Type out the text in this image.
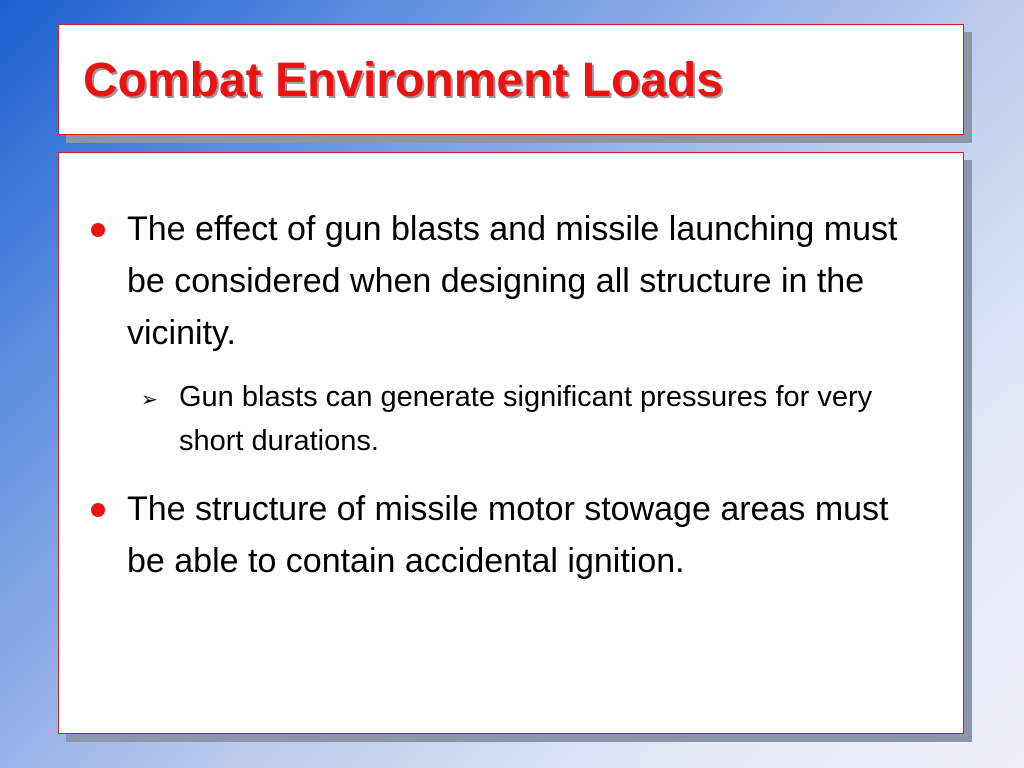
Combat Environment Loads
The effect of gun blasts and missile launching must be considered when designing all structure in the vicinity.
➢ Gun blasts can generate significant pressures for very short durations.
The structure of missile motor stowage areas must be able to contain accidental ignition.
